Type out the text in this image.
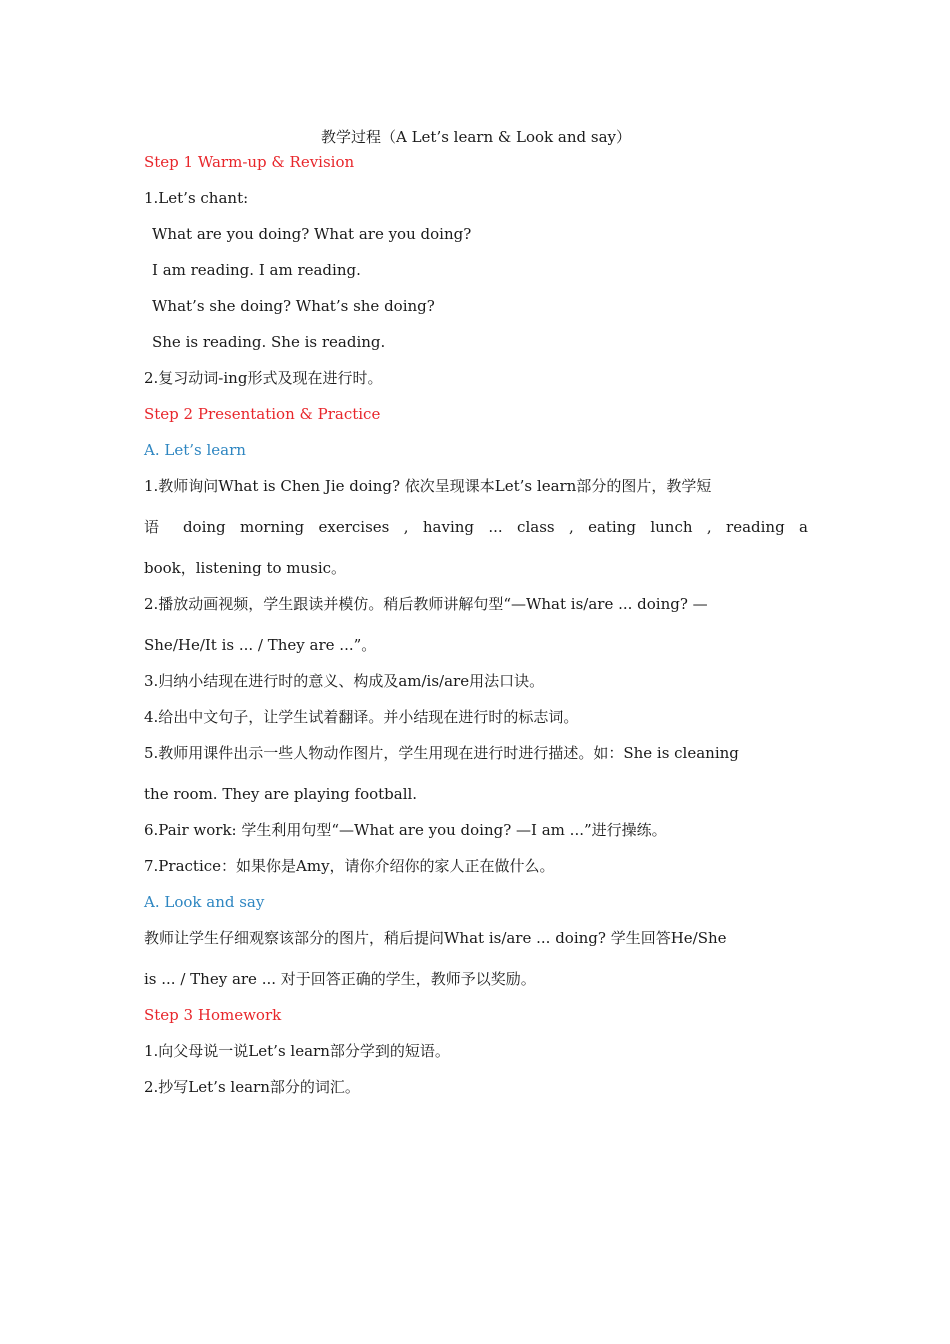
教学过程（A Let’s learn & Look and say）
Step 1 Warm-up & Revision
1.Let’s chant:
What are you doing? What are you doing?
I am reading. I am reading.
What’s she doing? What’s she doing?
She is reading. She is reading.
2.复习动词-ing形式及现在进行时。
Step 2 Presentation & Practice
A. Let’s learn
1.教师询问What is Chen Jie doing? 依次呈现课本Let’s learn部分的图片，教学短
语 doing morning exercises , having ... class , eating lunch , reading a
book，listening to music。
2.播放动画视频，学生跟读并模仿。稍后教师讲解句型“—What is/are ... doing? —
She/He/It is ... / They are ...”。
3.归纳小结现在进行时的意义、构成及am/is/are用法口诀。
4.给出中文句子，让学生试着翻译。并小结现在进行时的标志词。
5.教师用课件出示一些人物动作图片，学生用现在进行时进行描述。如：She is cleaning
the room. They are playing football.
6.Pair work: 学生利用句型“—What are you doing? —I am ...”进行操练。
7.Practice：如果你是Amy，请你介绍你的家人正在做什么。
A. Look and say
教师让学生仔细观察该部分的图片，稍后提问What is/are ... doing? 学生回答He/She
is ... / They are ... 对于回答正确的学生，教师予以奖励。
Step 3 Homework
1.向父母说一说Let’s learn部分学到的短语。
2.抄写Let’s learn部分的词汇。
